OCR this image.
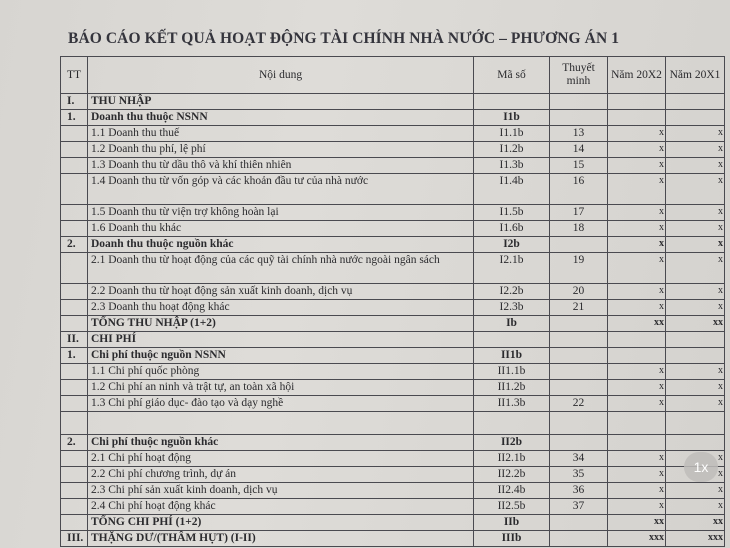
BÁO CÁO KẾT QUẢ HOẠT ĐỘNG TÀI CHÍNH NHÀ NƯỚC – PHƯƠNG ÁN 1
TT	Nội dung	Mã số	Thuyết minh	Năm 20X2	Năm 20X1
I.	THU NHẬP				
1.	Doanh thu thuộc NSNN	I1b			
	1.1 Doanh thu thuế	I1.1b	13	x	x
	1.2 Doanh thu phí, lệ phí	I1.2b	14	x	x
	1.3 Doanh thu từ dầu thô và khí thiên nhiên	I1.3b	15	x	x
	1.4 Doanh thu từ vốn góp và các khoản đầu tư của nhà nước	I1.4b	16	x	x
	1.5 Doanh thu từ viện trợ không hoàn lại	I1.5b	17	x	x
	1.6 Doanh thu khác	I1.6b	18	x	x
2.	Doanh thu thuộc nguồn khác	I2b		x	x
	2.1 Doanh thu từ hoạt động của các quỹ tài chính nhà nước ngoài ngân sách	I2.1b	19	x	x
	2.2 Doanh thu từ hoạt động sản xuất kinh doanh, dịch vụ	I2.2b	20	x	x
	2.3 Doanh thu hoạt động khác	I2.3b	21	x	x
	TỔNG THU NHẬP (1+2)	Ib		xx	xx
II.	CHI PHÍ				
1.	Chi phí thuộc nguồn NSNN	II1b			
	1.1 Chi phí quốc phòng	II1.1b		x	x
	1.2 Chi phí an ninh và trật tự, an toàn xã hội	II1.2b		x	x
	1.3 Chi phí giáo dục- đào tạo và dạy nghề	II1.3b	22	x	x

2.	Chi phí thuộc nguồn khác	II2b			
	2.1 Chi phí hoạt động	II2.1b	34	x	x
	2.2 Chi phí chương trình, dự án	II2.2b	35	x	x
	2.3 Chi phí sản xuất kinh doanh, dịch vụ	II2.4b	36	x	x
	2.4 Chi phí hoạt động khác	II2.5b	37	x	x
	TỔNG CHI PHÍ (1+2)	IIb		xx	xx
III.	THẶNG DƯ/(THÂM HỤT) (I-II)	IIIb		xxx	xxx
1x
